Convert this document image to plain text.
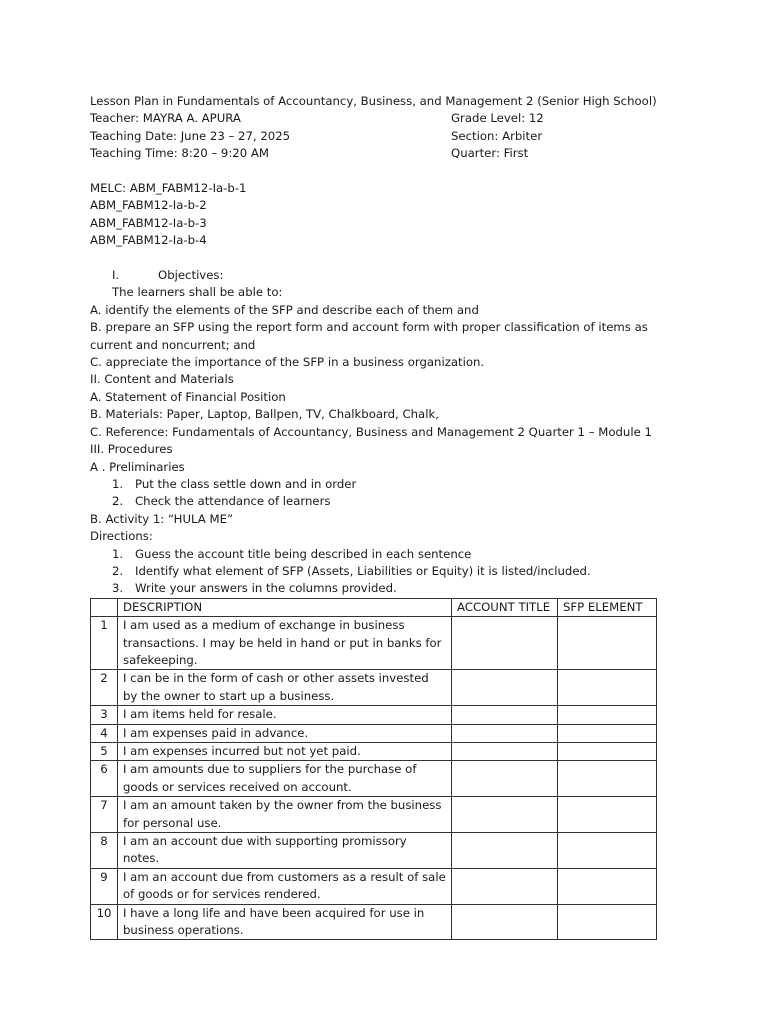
Lesson Plan in Fundamentals of Accountancy, Business, and Management 2 (Senior High School)
Teacher: MAYRA A. APURA	Grade Level: 12
Teaching Date: June 23 – 27, 2025	Section: Arbiter
Teaching Time: 8:20 – 9:20 AM	Quarter: First
MELC: ABM_FABM12-Ia-b-1
ABM_FABM12-Ia-b-2
ABM_FABM12-Ia-b-3
ABM_FABM12-Ia-b-4
I.	Objectives:
The learners shall be able to:
A. identify the elements of the SFP and describe each of them and
B. prepare an SFP using the report form and account form with proper classification of items as current and noncurrent; and
C. appreciate the importance of the SFP in a business organization.
II. Content and Materials
A. Statement of Financial Position
B. Materials: Paper, Laptop, Ballpen, TV, Chalkboard, Chalk,
C. Reference: Fundamentals of Accountancy, Business and Management 2 Quarter 1 – Module 1
III. Procedures
A . Preliminaries
1.	Put the class settle down and in order
2.	Check the attendance of learners
B. Activity 1: “HULA ME”
Directions:
1.	Guess the account title being described in each sentence
2.	Identify what element of SFP (Assets, Liabilities or Equity) it is listed/included.
3.	Write your answers in the columns provided.
	DESCRIPTION	ACCOUNT TITLE	SFP ELEMENT
1	I am used as a medium of exchange in business transactions. I may be held in hand or put in banks for safekeeping.		
2	I can be in the form of cash or other assets invested by the owner to start up a business.		
3	I am items held for resale.		
4	I am expenses paid in advance.		
5	I am expenses incurred but not yet paid.		
6	I am amounts due to suppliers for the purchase of goods or services received on account.		
7	I am an amount taken by the owner from the business for personal use.		
8	I am an account due with supporting promissory notes.		
9	I am an account due from customers as a result of sale of goods or for services rendered.		
10	I have a long life and have been acquired for use in business operations.		
